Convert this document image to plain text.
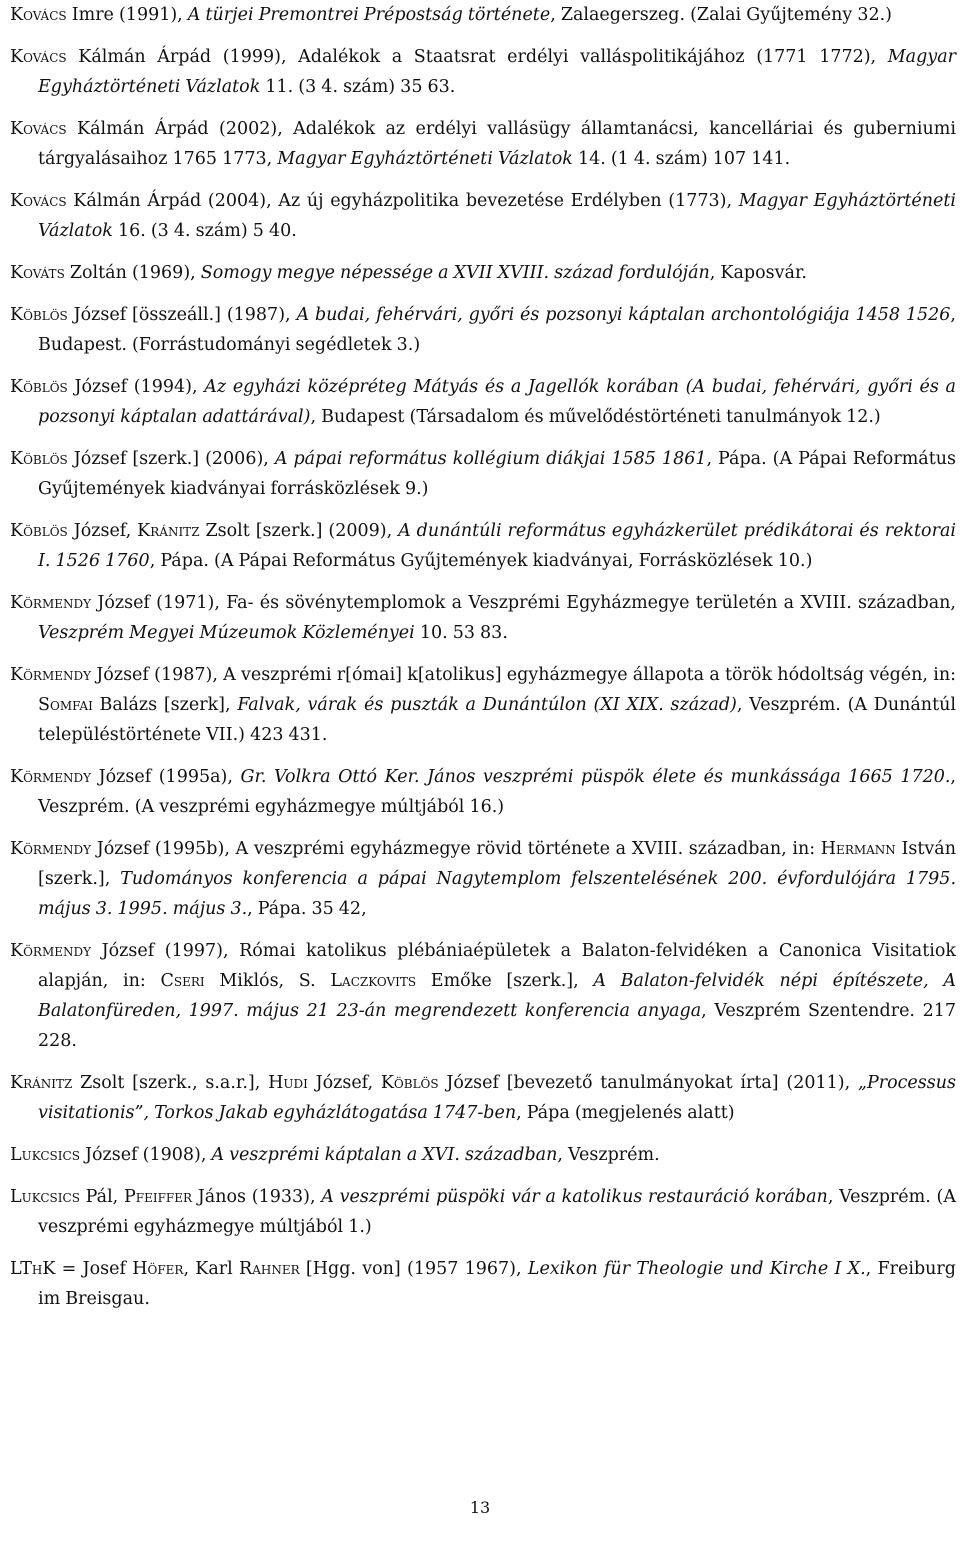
Kovács Imre (1991), A türjei Premontrei Prépostság története, Zalaegerszeg. (Zalai Gyűjtemény 32.)

Kovács Kálmán Árpád (1999), Adalékok a Staatsrat erdélyi valláspolitikájához (1771 1772), Magyar Egyháztörténeti Vázlatok 11. (3 4. szám) 35 63.

Kovács Kálmán Árpád (2002), Adalékok az erdélyi vallásügy államtanácsi, kancelláriai és guberniumi tárgyalásaihoz 1765 1773, Magyar Egyháztörténeti Vázlatok 14. (1 4. szám) 107 141.

Kovács Kálmán Árpád (2004), Az új egyházpolitika bevezetése Erdélyben (1773), Magyar Egyháztörténeti Vázlatok 16. (3 4. szám) 5 40.

Kováts Zoltán (1969), Somogy megye népessége a XVII XVIII. század fordulóján, Kaposvár.

Köblös József [összeáll.] (1987), A budai, fehérvári, győri és pozsonyi káptalan archontológiája 1458 1526, Budapest. (Forrástudományi segédletek 3.)

Köblös József (1994), Az egyházi középréteg Mátyás és a Jagellók korában (A budai, fehérvári, győri és a pozsonyi káptalan adattárával), Budapest (Társadalom és művelődéstörténeti tanulmányok 12.)

Köblös József [szerk.] (2006), A pápai református kollégium diákjai 1585 1861, Pápa. (A Pápai Református Gyűjtemények kiadványai forrásközlések 9.)

Köblös József, Kránitz Zsolt [szerk.] (2009), A dunántúli református egyházkerület prédikátorai és rektorai I. 1526 1760, Pápa. (A Pápai Református Gyűjtemények kiadványai, Forrásközlések 10.)

Körmendy József (1971), Fa- és sövénytemplomok a Veszprémi Egyházmegye területén a XVIII. században, Veszprém Megyei Múzeumok Közleményei 10. 53 83.

Körmendy József (1987), A veszprémi r[ómai] k[atolikus] egyházmegye állapota a török hódoltság végén, in: Somfai Balázs [szerk], Falvak, várak és puszták a Dunántúlon (XI XIX. század), Veszprém. (A Dunántúl településtörténete VII.) 423 431.

Körmendy József (1995a), Gr. Volkra Ottó Ker. János veszprémi püspök élete és munkássága 1665 1720., Veszprém. (A veszprémi egyházmegye múltjából 16.)

Körmendy József (1995b), A veszprémi egyházmegye rövid története a XVIII. században, in: Hermann István [szerk.], Tudományos konferencia a pápai Nagytemplom felszentelésének 200. évfordulójára 1795. május 3. 1995. május 3., Pápa. 35 42,

Körmendy József (1997), Római katolikus plébániaépületek a Balaton-felvidéken a Canonica Visitatiok alapján, in: Cseri Miklós, S. Laczkovits Emőke [szerk.], A Balaton-felvidék népi építészete, A Balatonfüreden, 1997. május 21 23-án megrendezett konferencia anyaga, Veszprém Szentendre. 217 228.

Kránitz Zsolt [szerk., s.a.r.], Hudi József, Köblös József [bevezető tanulmányokat írta] (2011), „Processus visitationis”, Torkos Jakab egyházlátogatása 1747-ben, Pápa (megjelenés alatt)

Lukcsics József (1908), A veszprémi káptalan a XVI. században, Veszprém.

Lukcsics Pál, Pfeiffer János (1933), A veszprémi püspöki vár a katolikus restauráció korában, Veszprém. (A veszprémi egyházmegye múltjából 1.)

LThK = Josef Höfer, Karl Rahner [Hgg. von] (1957 1967), Lexikon für Theologie und Kirche I X., Freiburg im Breisgau.

13
